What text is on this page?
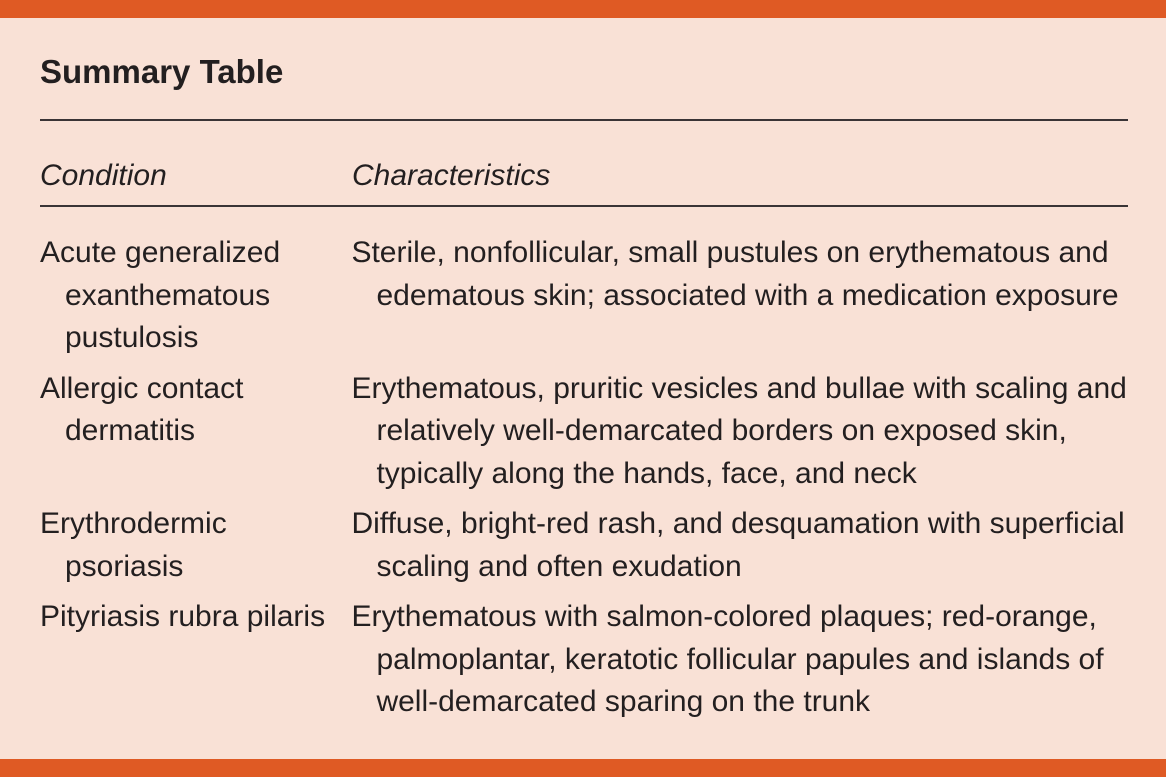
Summary Table
Condition	Characteristics
Acute generalized exanthematous pustulosis
Sterile, nonfollicular, small pustules on erythematous and edematous skin; associated with a medication exposure
Allergic contact dermatitis
Erythematous, pruritic vesicles and bullae with scaling and relatively well-demarcated borders on exposed skin, typically along the hands, face, and neck
Erythrodermic psoriasis
Diffuse, bright-red rash, and desquamation with superficial scaling and often exudation
Pityriasis rubra pilaris Erythematous with salmon-colored plaques; red-orange, palmoplantar, keratotic follicular papules and islands of well-demarcated sparing on the trunk
